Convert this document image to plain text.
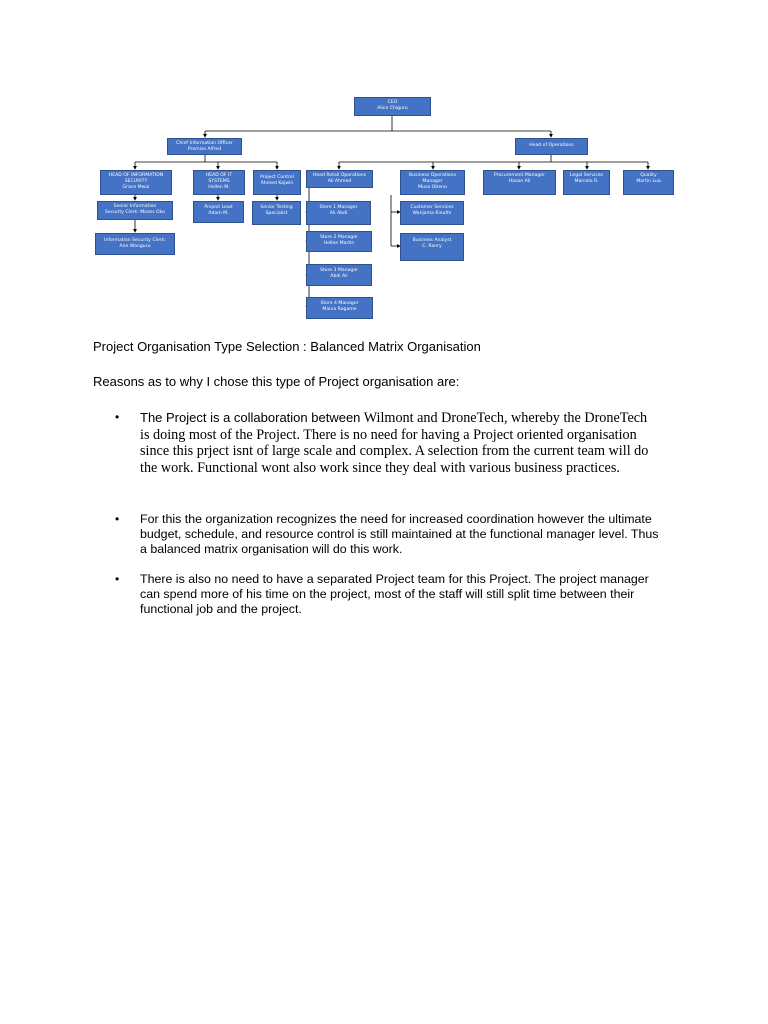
CEO
Alice Chiguru
Chief Information Officer
Promise Alfred
Head of Operations
HEAD OF INFORMATION
SECURITY
Grace Mwai
HEAD OF IT
SYSTEMS
Hellen M.
Project Control
Ahmed Kajwin
Senior Information
Security Clerk: Moses Oko
Information Security Clerk:
Ann Wanguru
Project Lead
Adam M.
Senior Testing
Specialist
Head Retail Operations
Ali Ahmed
Store 1 Manager
Ali Abdi
Store 2 Manager
Hellen Martin
Store 3 Manager
Abdi Ali
Store 4 Manager
Maina Ragame
Business Operations
Manager
Musa Otieno
Customer Services
Wanjama Kinuthi
Business Analyst
C. Ranry
Procurement Manager
Hasan Ali
Legal Services
Marcelo R.
Quality
Martin Lua

Project Organisation Type Selection : Balanced Matrix Organisation

Reasons as to why I chose this type of Project organisation are:

• The Project is a collaboration between Wilmont and DroneTech, whereby the DroneTech is doing most of the Project. There is no need for having a Project oriented organisation since this prject isnt of large scale and complex. A selection from the current team will do the work. Functional wont also work since they deal with various business practices.

• For this the organization recognizes the need for increased coordination however the ultimate budget, schedule, and resource control is still maintained at the functional manager level. Thus a balanced matrix organisation will do this work.

• There is also no need to have a separated Project team for this Project. The project manager can spend more of his time on the project, most of the staff will still split time between their functional job and the project.
